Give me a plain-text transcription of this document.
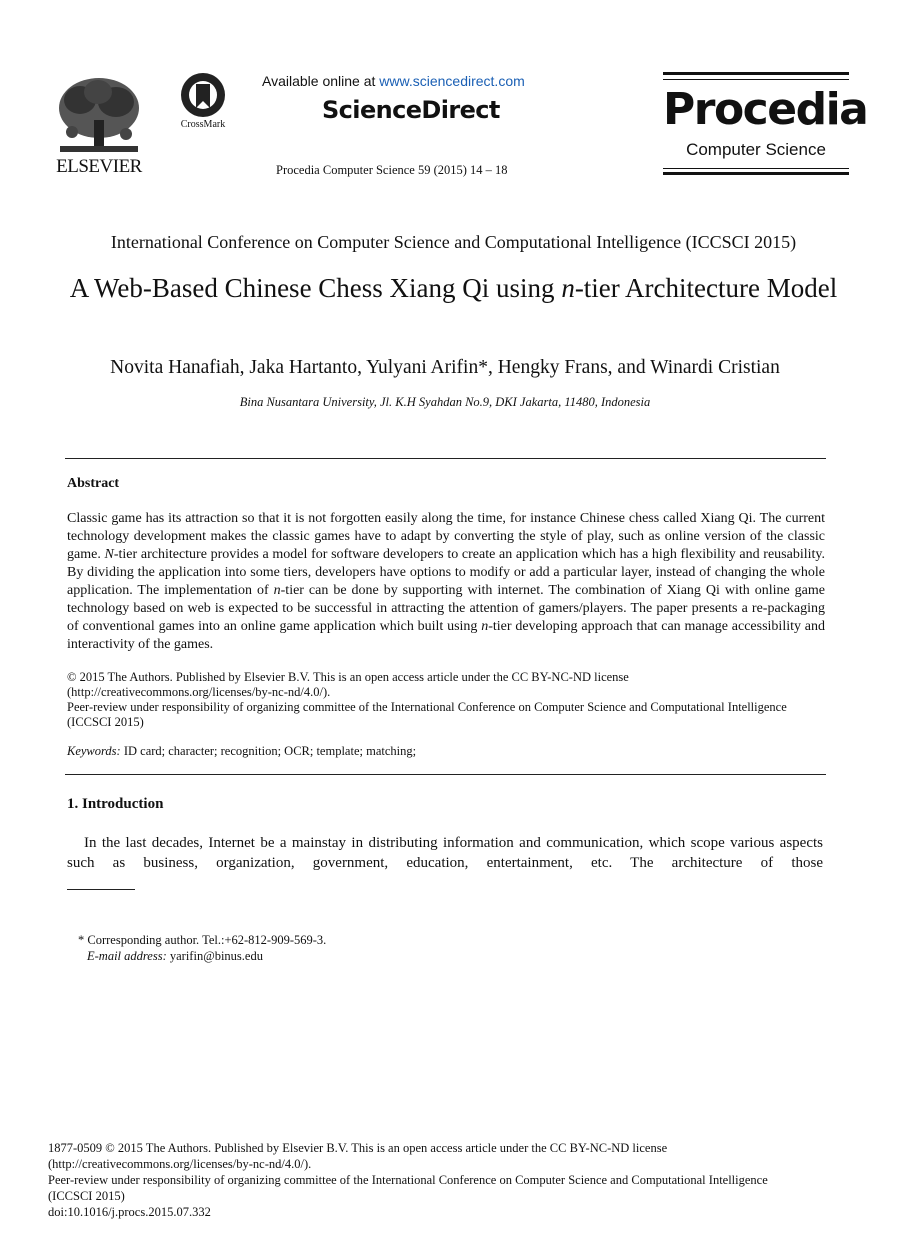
ELSEVIER
CrossMark
Available online at www.sciencedirect.com
ScienceDirect
Procedia Computer Science 59 (2015) 14 – 18
Procedia
Computer Science
International Conference on Computer Science and Computational Intelligence (ICCSCI 2015)
A Web-Based Chinese Chess Xiang Qi using n-tier Architecture Model
Novita Hanafiah, Jaka Hartanto, Yulyani Arifin*, Hengky Frans, and Winardi Cristian
Bina Nusantara University, Jl. K.H Syahdan No.9, DKI Jakarta, 11480, Indonesia
Abstract
Classic game has its attraction so that it is not forgotten easily along the time, for instance Chinese chess called Xiang Qi. The current technology development makes the classic games have to adapt by converting the style of play, such as online version of the classic game. N-tier architecture provides a model for software developers to create an application which has a high flexibility and reusability. By dividing the application into some tiers, developers have options to modify or add a particular layer, instead of changing the whole application. The implementation of n-tier can be done by supporting with internet. The combination of Xiang Qi with online game technology based on web is expected to be successful in attracting the attention of gamers/players. The paper presents a re-packaging of conventional games into an online game application which built using n-tier developing approach that can manage accessibility and interactivity of the games.
© 2015 The Authors. Published by Elsevier B.V. This is an open access article under the CC BY-NC-ND license
(http://creativecommons.org/licenses/by-nc-nd/4.0/).
Peer-review under responsibility of organizing committee of the International Conference on Computer Science and Computational Intelligence (ICCSCI 2015)
Keywords: ID card; character; recognition; OCR; template; matching;
1. Introduction
In the last decades, Internet be a mainstay in distributing information and communication, which scope various aspects such as business, organization, government, education, entertainment, etc. The architecture of those
* Corresponding author. Tel.:+62-812-909-569-3.
E-mail address: yarifin@binus.edu
1877-0509 © 2015 The Authors. Published by Elsevier B.V. This is an open access article under the CC BY-NC-ND license
(http://creativecommons.org/licenses/by-nc-nd/4.0/).
Peer-review under responsibility of organizing committee of the International Conference on Computer Science and Computational Intelligence (ICCSCI 2015)
doi:10.1016/j.procs.2015.07.332
